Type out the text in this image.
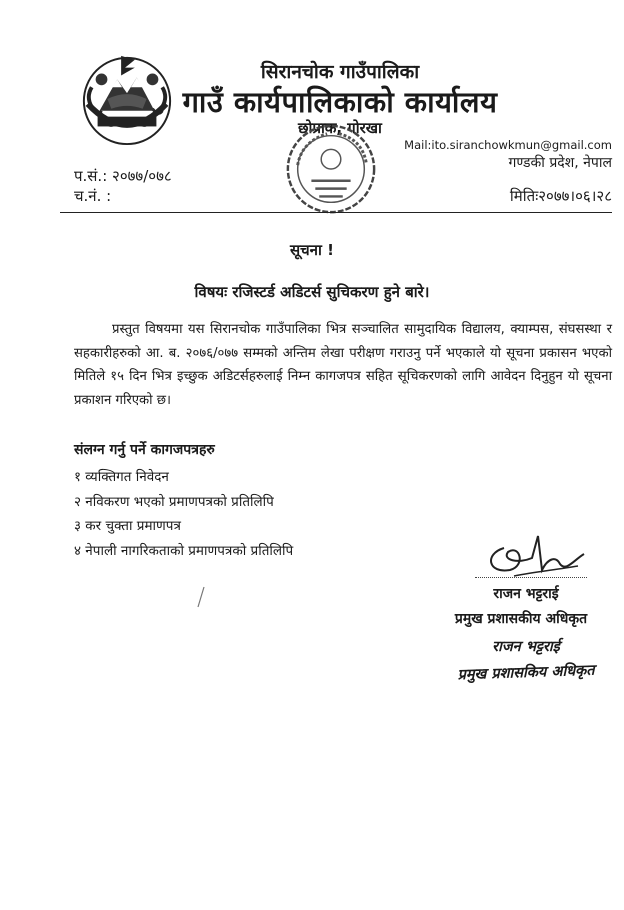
सिरानचोक गाउँपालिका
गाउँ कार्यपालिकाको कार्यालय
छोप्राक, गोरखा
Mail:ito.siranchowkmun@gmail.com
गण्डकी प्रदेश, नेपाल
प.सं.: २०७७/०७८
च.नं. :	मितिः२०७७।०६।२८
सूचना !
विषयः रजिस्टर्ड अडिटर्स सुचिकरण हुने बारे।

प्रस्तुत विषयमा यस सिरानचोक गाउँपालिका भित्र सञ्चालित सामुदायिक विद्यालय, क्याम्पस, संघसस्था र सहकारीहरुको आ. ब. २०७६/०७७ सम्मको अन्तिम लेखा परीक्षण गराउनु पर्ने भएकाले यो सूचना प्रकासन भएको मितिले १५ दिन भित्र इच्छुक अडिटर्सहरुलाई निम्न कागजपत्र सहित सूचिकरणको लागि आवेदन दिनुहुन यो सूचना प्रकाशन गरिएको छ।

संलग्न गर्नु पर्ने कागजपत्रहरु
१ व्यक्तिगत निवेदन
२ नविकरण भएको प्रमाणपत्रको प्रतिलिपि
३ कर चुक्ता प्रमाणपत्र
४ नेपाली नागरिकताको प्रमाणपत्रको प्रतिलिपि
राजन भट्टराई
प्रमुख प्रशासकीय अधिकृत
राजन भट्टराई
प्रमुख प्रशासकिय अधिकृत
